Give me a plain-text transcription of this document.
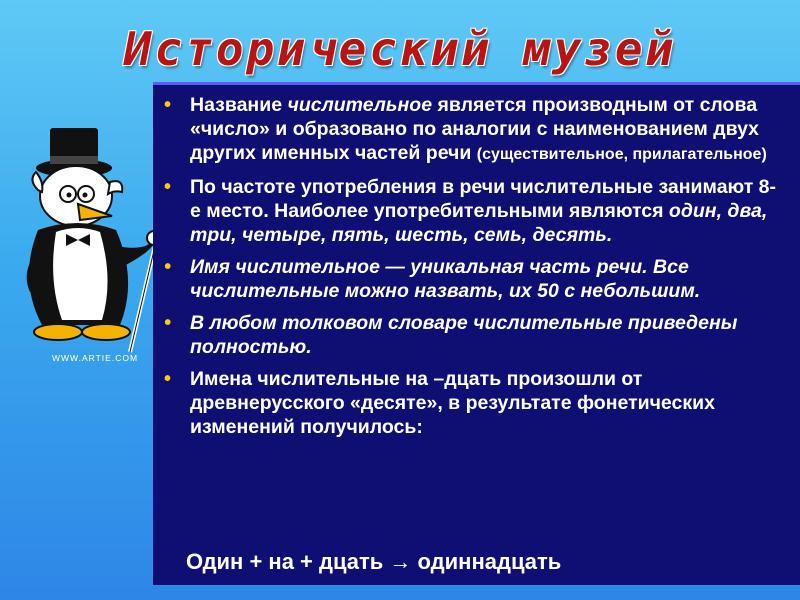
Исторический музей
WWW.ARTIE.COM
• Название числительное является производным от слова «число» и образовано по аналогии с наименованием двух других именных частей речи (существительное, прилагательное)
• По частоте употребления в речи числительные занимают 8-е место. Наиболее употребительными являются один, два, три, четыре, пять, шесть, семь, десять.
• Имя числительное — уникальная часть речи. Все числительные можно назвать, их 50 с небольшим.
• В любом толковом словаре числительные приведены полностью.
• Имена числительные на –дцать произошли от древнерусского «десяте», в результате фонетических изменений получилось:
Один + на + дцать → одиннадцать
